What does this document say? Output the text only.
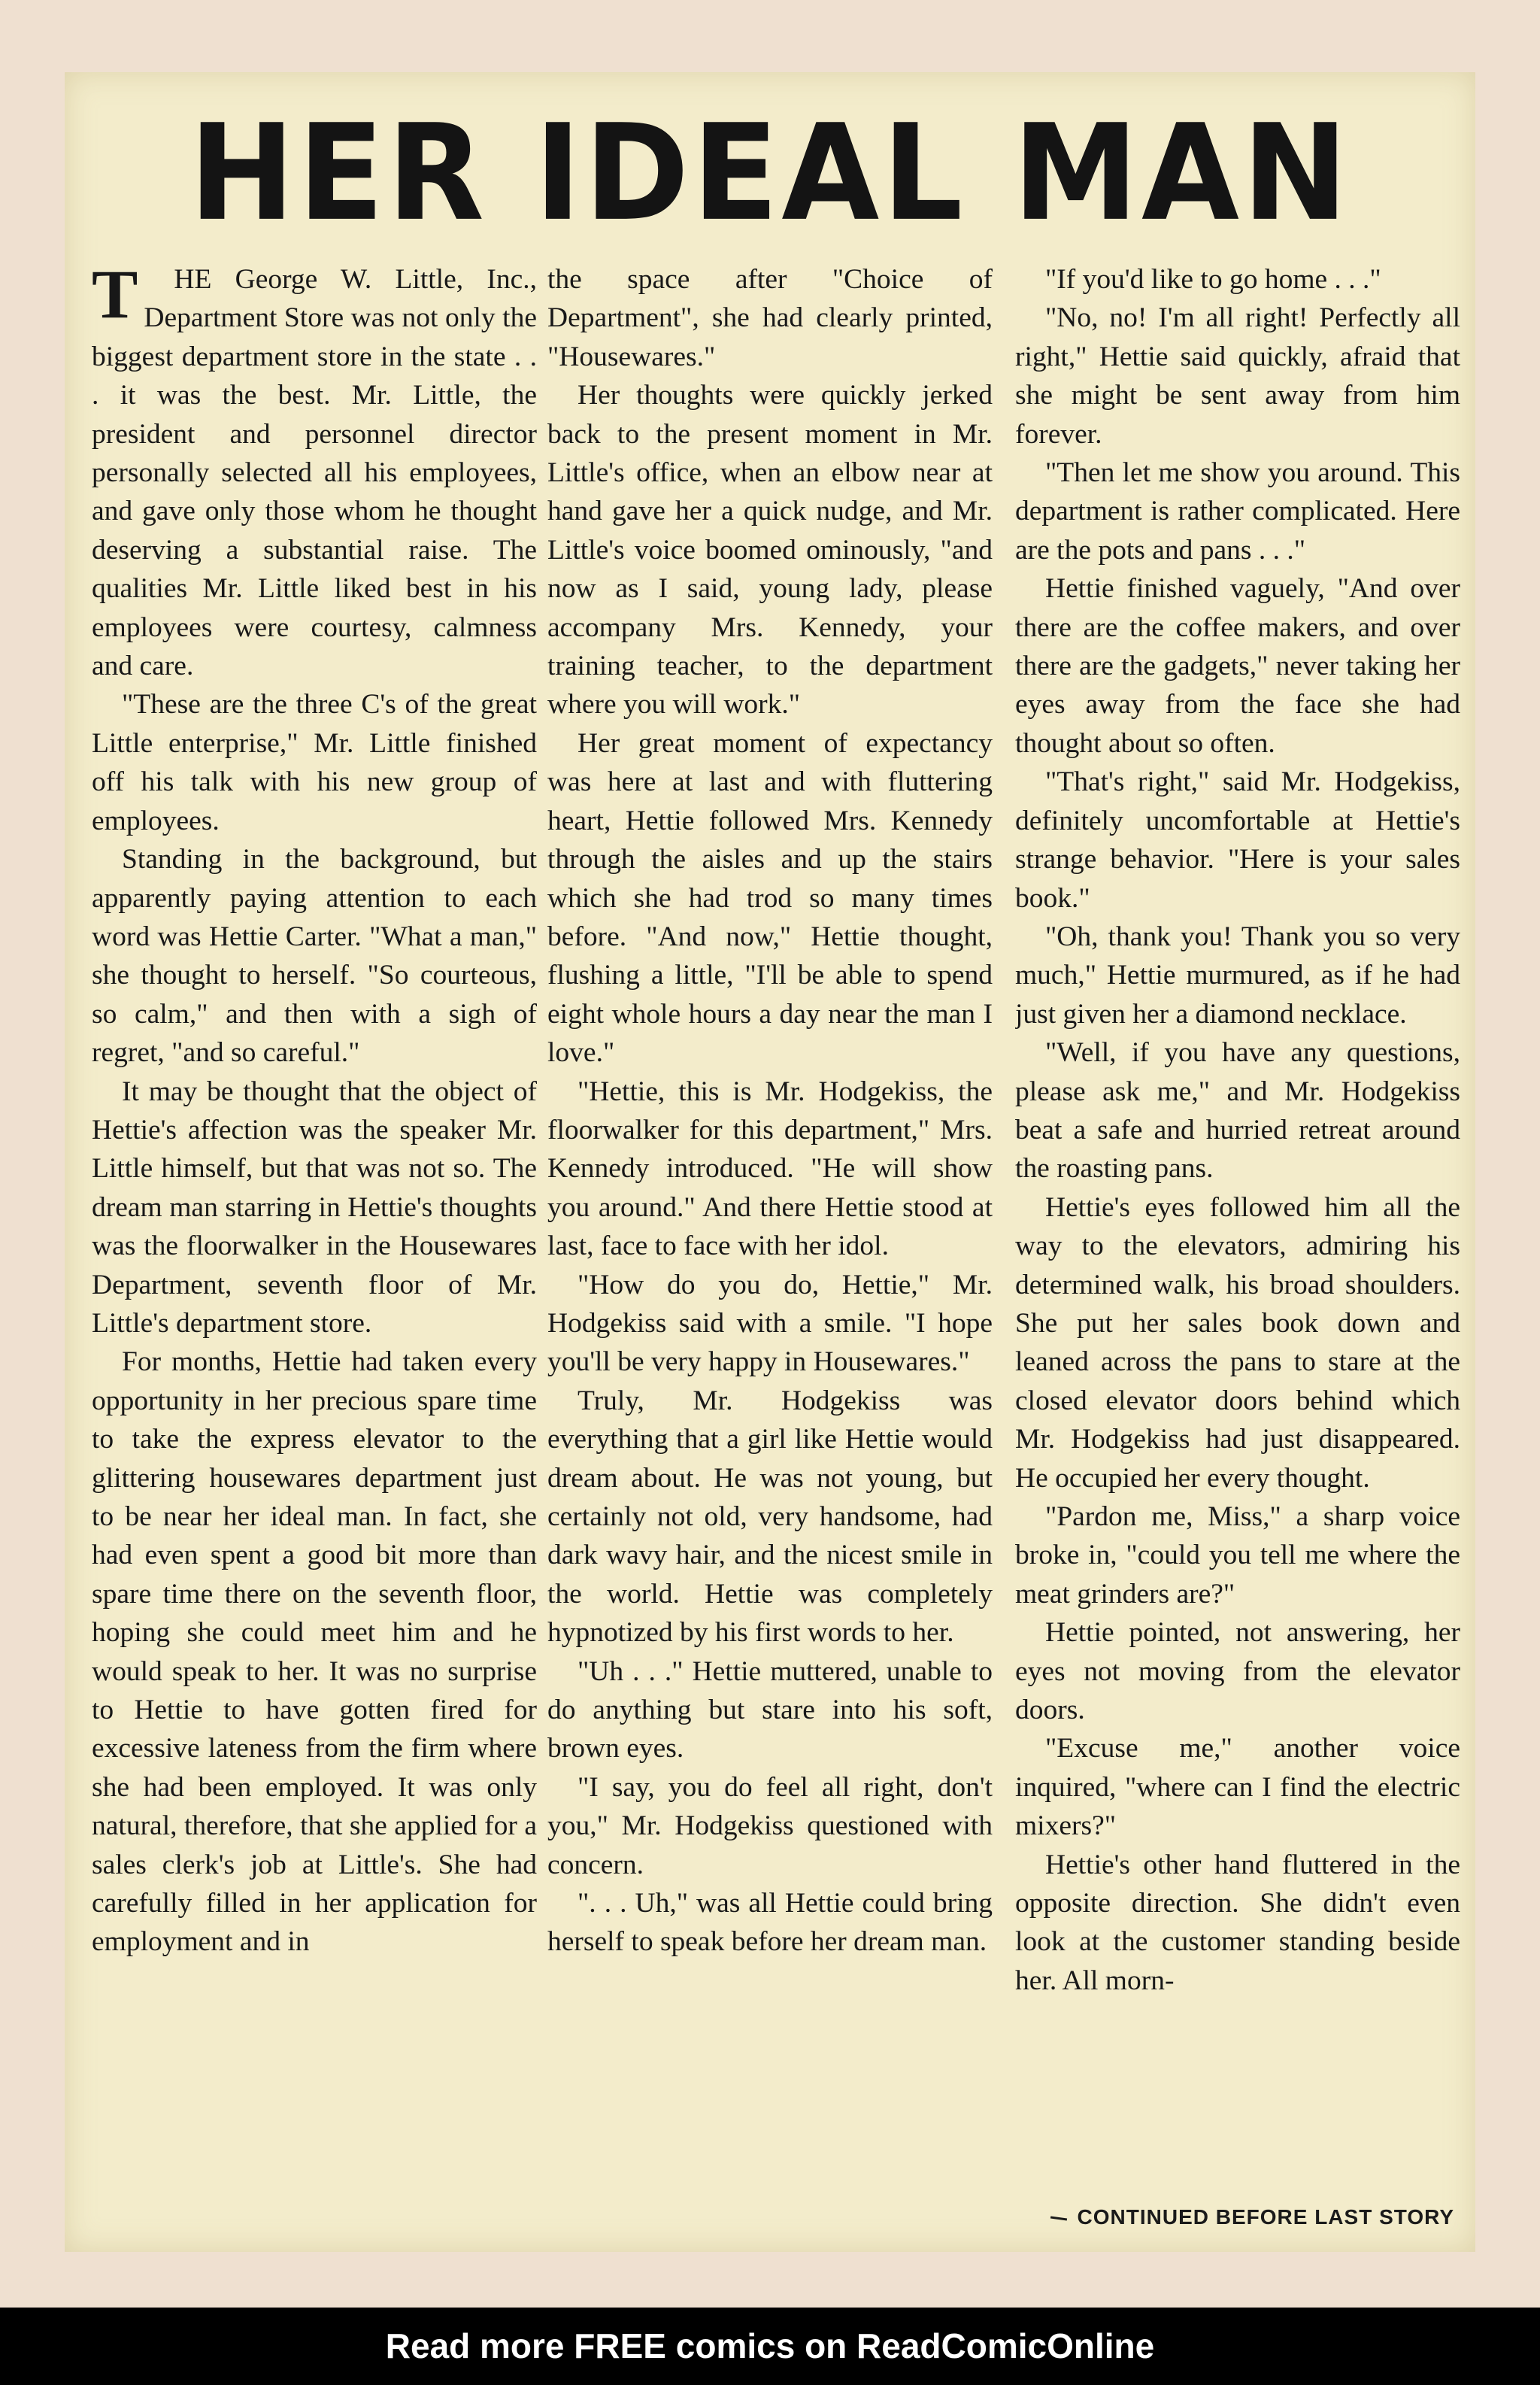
HER IDEAL MAN

T HE George W. Little, Inc., Department Store was not only the biggest department store in the state . . . it was the best. Mr. Little, the president and personnel director personally selected all his employees, and gave only those whom he thought deserving a substantial raise. The qualities Mr. Little liked best in his employees were courtesy, calmness and care.

"These are the three C's of the great Little enterprise," Mr. Little finished off his talk with his new group of employees.

Standing in the background, but apparently paying attention to each word was Hettie Carter. "What a man," she thought to herself. "So courteous, so calm," and then with a sigh of regret, "and so careful."

It may be thought that the object of Hettie's affection was the speaker Mr. Little himself, but that was not so. The dream man starring in Hettie's thoughts was the floorwalker in the Housewares Department, seventh floor of Mr. Little's department store.

For months, Hettie had taken every opportunity in her precious spare time to take the express elevator to the glittering housewares department just to be near her ideal man. In fact, she had even spent a good bit more than spare time there on the seventh floor, hoping she could meet him and he would speak to her. It was no surprise to Hettie to have gotten fired for excessive lateness from the firm where she had been employed. It was only natural, therefore, that she applied for a sales clerk's job at Little's. She had carefully filled in her application for employment and in

the space after "Choice of Department", she had clearly printed, "Housewares."

Her thoughts were quickly jerked back to the present moment in Mr. Little's office, when an elbow near at hand gave her a quick nudge, and Mr. Little's voice boomed ominously, "and now as I said, young lady, please accompany Mrs. Kennedy, your training teacher, to the department where you will work."

Her great moment of expectancy was here at last and with fluttering heart, Hettie followed Mrs. Kennedy through the aisles and up the stairs which she had trod so many times before. "And now," Hettie thought, flushing a little, "I'll be able to spend eight whole hours a day near the man I love."

"Hettie, this is Mr. Hodgekiss, the floorwalker for this department," Mrs. Kennedy introduced. "He will show you around." And there Hettie stood at last, face to face with her idol.

"How do you do, Hettie," Mr. Hodgekiss said with a smile. "I hope you'll be very happy in Housewares."

Truly, Mr. Hodgekiss was everything that a girl like Hettie would dream about. He was not young, but certainly not old, very handsome, had dark wavy hair, and the nicest smile in the world. Hettie was completely hypnotized by his first words to her.

"Uh . . ." Hettie muttered, unable to do anything but stare into his soft, brown eyes.

"I say, you do feel all right, don't you," Mr. Hodgekiss questioned with concern.

". . . Uh," was all Hettie could bring herself to speak before her dream man.

"If you'd like to go home . . ."

"No, no! I'm all right! Perfectly all right," Hettie said quickly, afraid that she might be sent away from him forever.

"Then let me show you around. This department is rather complicated. Here are the pots and pans . . ."

Hettie finished vaguely, "And over there are the coffee makers, and over there are the gadgets," never taking her eyes away from the face she had thought about so often.

"That's right," said Mr. Hodgekiss, definitely uncomfortable at Hettie's strange behavior. "Here is your sales book."

"Oh, thank you! Thank you so very much," Hettie murmured, as if he had just given her a diamond necklace.

"Well, if you have any questions, please ask me," and Mr. Hodgekiss beat a safe and hurried retreat around the roasting pans.

Hettie's eyes followed him all the way to the elevators, admiring his determined walk, his broad shoulders. She put her sales book down and leaned across the pans to stare at the closed elevator doors behind which Mr. Hodgekiss had just disappeared. He occupied her every thought.

"Pardon me, Miss," a sharp voice broke in, "could you tell me where the meat grinders are?"

Hettie pointed, not answering, her eyes not moving from the elevator doors.

"Excuse me," another voice inquired, "where can I find the electric mixers?"

Hettie's other hand fluttered in the opposite direction. She didn't even look at the customer standing beside her. All morn-

CONTINUED BEFORE LAST STORY
Read more FREE comics on ReadComicOnline
